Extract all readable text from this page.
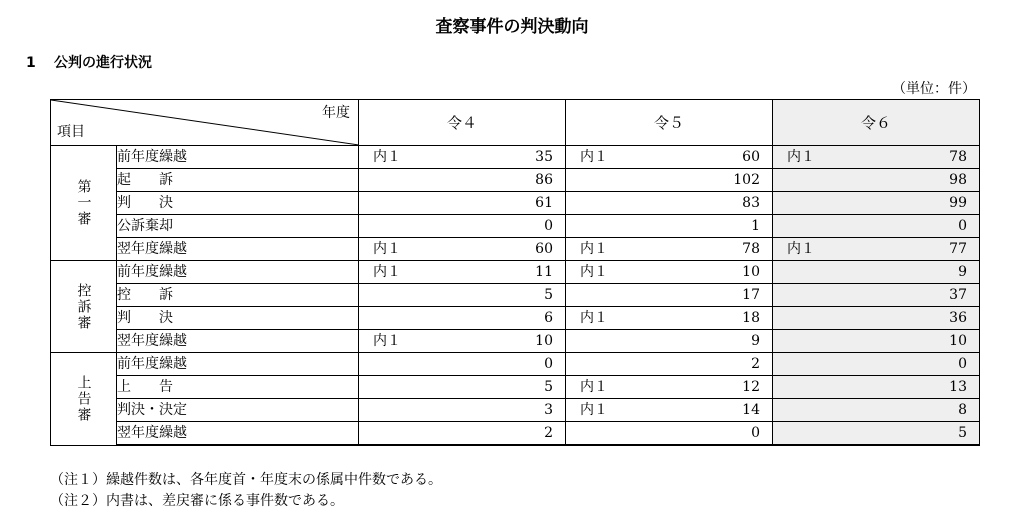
査察事件の判決動向
1 公判の進行状況
（単位：件）
年度
項目		令４	令５	令６
第一審	前年度繰越	内１ 35	内１ 60	内１ 78

	起　　訴	86	102	98

	判　　決	61	83	99

	公訴棄却	0	1	0

	翌年度繰越	内１ 60	内１ 78	内１ 77

控訴審	前年度繰越	内１ 11	内１ 10	9

	控　　訴	5	17	37

	判　　決	6	内１ 18	36

	翌年度繰越	内１ 10	9	10

上告審	前年度繰越	0	2	0

	上　　告	5	内１ 12	13

	判決・決定	3	内１ 14	8

	翌年度繰越	2	0	5
（注１）繰越件数は、各年度首・年度末の係属中件数である。
（注２）内書は、差戻審に係る事件数である。
